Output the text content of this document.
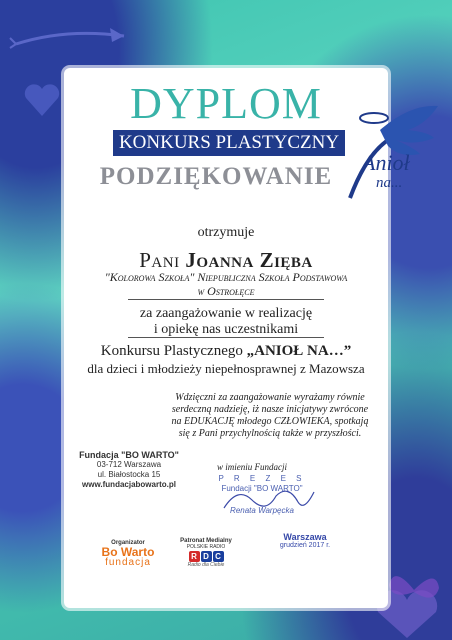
DYPLOM
KONKURS PLASTYCZNY
PODZIĘKOWANIE
Anioł
na...
otrzymuje
Pani Joanna Zięba
"Kolorowa Szkoła" Niepubliczna Szkoła Podstawowa
w Ostrołęce
za zaangażowanie w realizację
i opiekę nas uczestnikami
Konkursu Plastycznego „ANIOŁ NA…”
dla dzieci i młodzieży niepełnosprawnej z Mazowsza
Wdzięczni za zaangażowanie wyrażamy równie
serdeczną nadzieję, iż nasze inicjatywy zwrócone
na EDUKACJĘ młodego CZŁOWIEKA, spotkają
się z Pani przychylnością także w przyszłości.
Fundacja "BO WARTO"
03-712 Warszawa
ul. Białostocka 15
www.fundacjabowarto.pl
w imieniu Fundacji
P R E Z E S
Fundacji "BO WARTO"
Renata Warpęcka
Warszawa
grudzień 2017 r.
Organizator
Bo Warto
fundacja
Patronat Medialny
POLSKIE RADIO
R D C
Radio dla Ciebie
